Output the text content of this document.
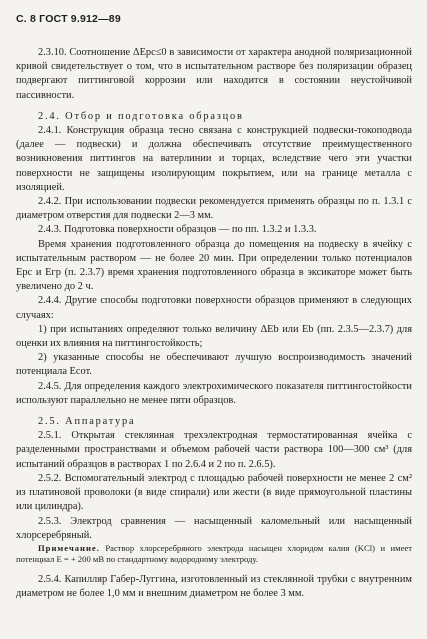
С. 8 ГОСТ 9.912—89

2.3.10. Соотношение ΔEрс≤0 в зависимости от характера анодной поляризационной кривой свидетельствует о том, что в испытательном растворе без поляризации образец подвергают питтинговой коррозии или находится в состоянии неустойчивой пассивности.

2.4. Отбор и подготовка образцов

2.4.1. Конструкция образца тесно связана с конструкцией подвески-токоподвода (далее — подвески) и должна обеспечивать отсутствие преимущественного возникновения питтингов на ватерлинии и торцах, вследствие чего эти участки поверхности не защищены изолирующим покрытием, или на границе металла с изоляцией.

2.4.2. При использовании подвески рекомендуется применять образцы по п. 1.3.1 с диаметром отверстия для подвески 2—3 мм.

2.4.3. Подготовка поверхности образцов — по пп. 1.3.2 и 1.3.3.

Время хранения подготовленного образца до помещения на подвеску в ячейку с испытательным раствором — не более 20 мин. При определении только потенциалов Eрс и Eгр (п. 2.3.7) время хранения подготовленного образца в эксикаторе может быть увеличено до 2 ч.

2.4.4. Другие способы подготовки поверхности образцов применяют в следующих случаях:

1) при испытаниях определяют только величину ΔEb или Eb (пп. 2.3.5—2.3.7) для оценки их влияния на питтингостойкость;

2) указанные способы не обеспечивают лучшую воспроизводимость значений потенциала Eсот.

2.4.5. Для определения каждого электрохимического показателя питтингостойкости используют параллельно не менее пяти образцов.

2.5. Аппаратура

2.5.1. Открытая стеклянная трехэлектродная термостатированная ячейка с разделенными пространствами и объемом рабочей части раствора 100—300 см³ (для испытаний образцов в растворах 1 по 2.6.4 и 2 по п. 2.6.5).

2.5.2. Вспомогательный электрод с площадью рабочей поверхности не менее 2 см² из платиновой проволоки (в виде спирали) или жести (в виде прямоугольной пластины или цилиндра).

2.5.3. Электрод сравнения — насыщенный каломельный или насыщенный хлорсеребряный.

Примечание. Раствор хлорсеребряного электрода насыщен хлоридом калия (KCl) и имеет потенциал E = + 200 мВ по стандартному водородному электроду.

2.5.4. Капилляр Габер-Луггина, изготовленный из стеклянной трубки с внутренним диаметром не более 1,0 мм и внешним диаметром не более 3 мм.
